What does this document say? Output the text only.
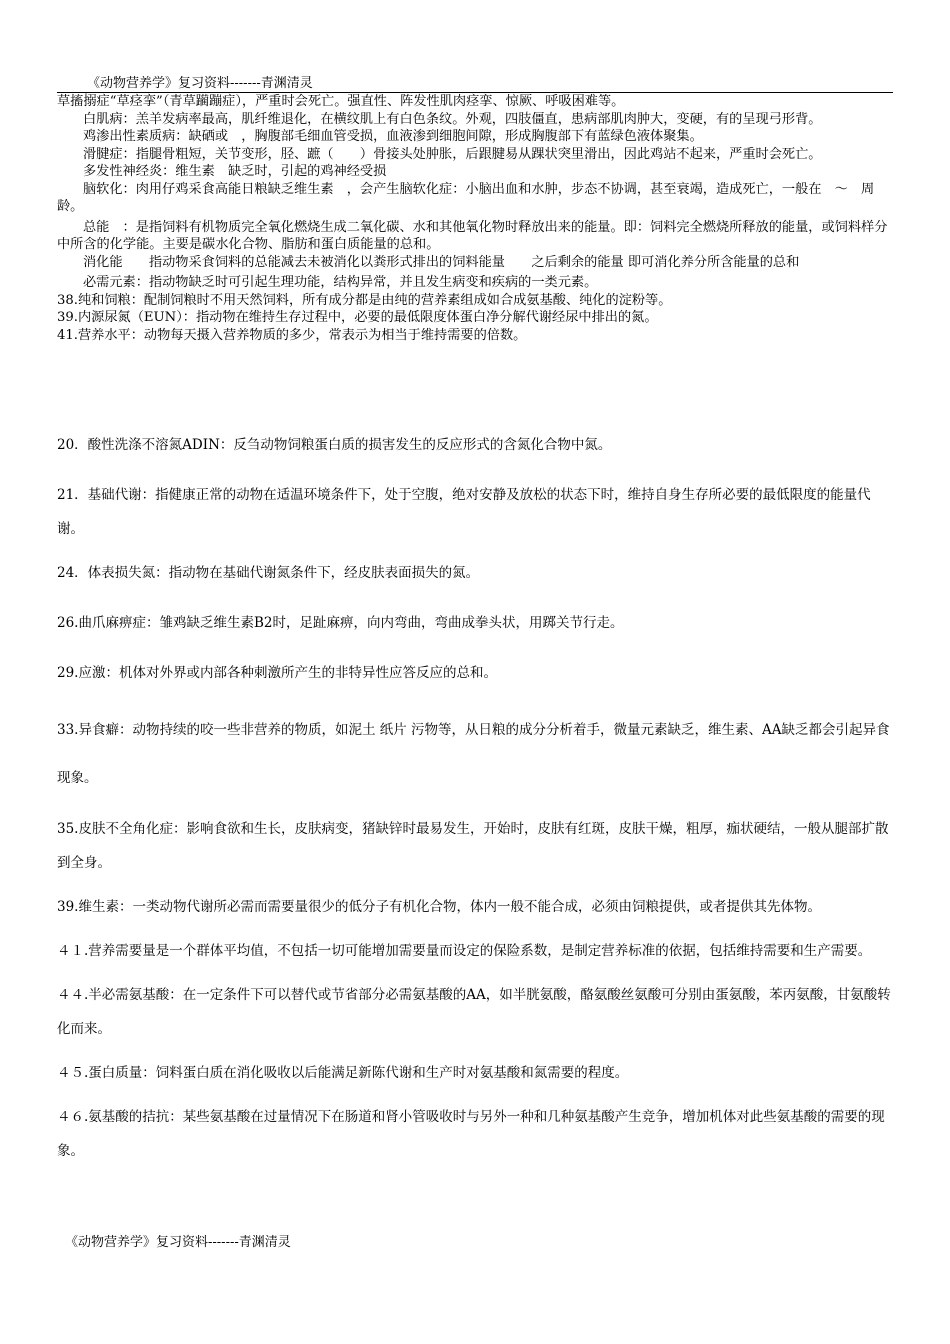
《动物营养学》复习资料-------青渊清灵

草搐搦症“草痉挛”（青草躏蹦症），严重时会死亡。强直性、阵发性肌肉痉挛、惊厥、呼吸困难等。

白肌病：羔羊发病率最高，肌纤维退化，在横纹肌上有白色条纹。外观，四肢僵直，患病部肌肉肿大，变硬，有的呈现弓形背。

鸡渗出性素质病：缺硒或　，胸腹部毛细血管受损，血液渗到细胞间隙，形成胸腹部下有蓝绿色液体聚集。

滑腱症：指腿骨粗短，关节变形，胫、蹠（　　）骨接头处肿胀，后跟腱易从踝状突里滑出，因此鸡站不起来，严重时会死亡。

多发性神经炎：维生素　缺乏时，引起的鸡神经受损

脑软化：肉用仔鸡采食高能日粮缺乏维生素　，会产生脑软化症：小脑出血和水肿，步态不协调，甚至衰竭，造成死亡，一般在　～　周龄。

总能　：是指饲料有机物质完全氧化燃烧生成二氧化碳、水和其他氧化物时释放出来的能量。即：饲料完全燃烧所释放的能量，或饲料样分中所含的化学能。主要是碳水化合物、脂肪和蛋白质能量的总和。

消化能　　指动物采食饲料的总能减去未被消化以粪形式排出的饲料能量　　之后剩余的能量 即可消化养分所含能量的总和

必需元素：指动物缺乏时可引起生理功能，结构异常，并且发生病变和疾病的一类元素。

38.纯和饲粮：配制饲粮时不用天然饲料，所有成分都是由纯的营养素组成如合成氨基酸、纯化的淀粉等。

39.内源尿氮（EUN）：指动物在维持生存过程中，必要的最低限度体蛋白净分解代谢经尿中排出的氮。

41.营养水平：动物每天摄入营养物质的多少，常表示为相当于维持需要的倍数。

20．酸性洗涤不溶氮ADIN：反刍动物饲粮蛋白质的损害发生的反应形式的含氮化合物中氮。

21．基础代谢：指健康正常的动物在适温环境条件下，处于空腹，绝对安静及放松的状态下时，维持自身生存所必要的最低限度的能量代谢。

24．体表损失氮：指动物在基础代谢氮条件下，经皮肤表面损失的氮。

26.曲爪麻痹症：雏鸡缺乏维生素B2时，足趾麻痹，向内弯曲，弯曲成拳头状，用踯关节行走。

29.应激：机体对外界或内部各种刺激所产生的非特异性应答反应的总和。

33.异食癖：动物持续的咬一些非营养的物质，如泥土 纸片 污物等，从日粮的成分分析着手，微量元素缺乏，维生素、AA缺乏都会引起异食现象。

35.皮肤不全角化症：影响食欲和生长，皮肤病变，猪缺锌时最易发生，开始时，皮肤有红斑，皮肤干燥，粗厚，痂状硬结，一般从腿部扩散到全身。

39.维生素：一类动物代谢所必需而需要量很少的低分子有机化合物，体内一般不能合成，必须由饲粮提供，或者提供其先体物。

４１.营养需要量是一个群体平均值，不包括一切可能增加需要量而设定的保险系数，是制定营养标准的依据，包括维持需要和生产需要。

４４.半必需氨基酸：在一定条件下可以替代或节省部分必需氨基酸的AA，如半胱氨酸，酪氨酸丝氨酸可分别由蛋氨酸，苯丙氨酸，甘氨酸转化而来。

４５.蛋白质量：饲料蛋白质在消化吸收以后能满足新陈代谢和生产时对氨基酸和氮需要的程度。

４６.氨基酸的拮抗：某些氨基酸在过量情况下在肠道和肾小管吸收时与另外一种和几种氨基酸产生竞争，增加机体对此些氨基酸的需要的现象。

《动物营养学》复习资料-------青渊清灵
